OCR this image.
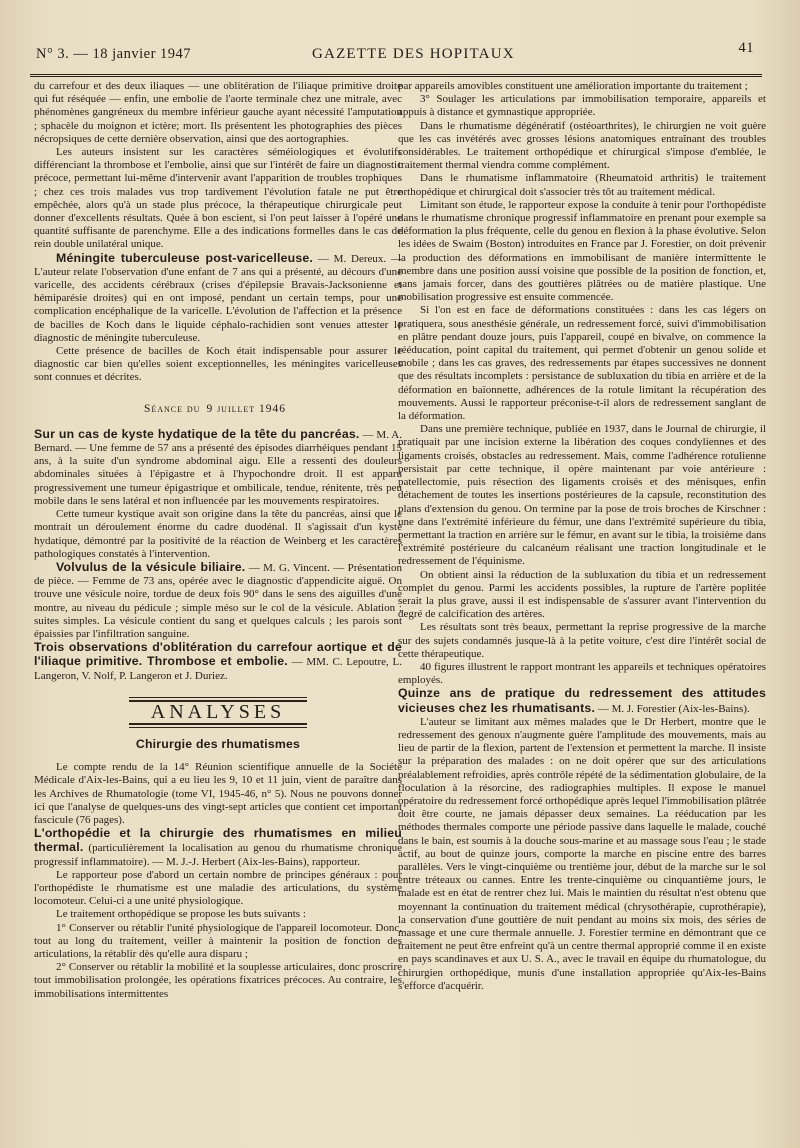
N° 3. — 18 janvier 1947	GAZETTE DES HOPITAUX	41

du carrefour et des deux iliaques — une oblitération de l'iliaque primitive droite qui fut réséquée — enfin, une embolie de l'aorte terminale chez une mitrale, avec phénomènes gangréneux du membre inférieur gauche ayant nécessité l'amputation ; sphacèle du moignon et ictère; mort. Ils présentent les photographies des pièces nécropsiques de cette dernière observation, ainsi que des aortographies.

Les auteurs insistent sur les caractères séméiologiques et évolutifs différenciant la thrombose et l'embolie, ainsi que sur l'intérêt de faire un diagnostic précoce, permettant lui-même d'intervenir avant l'apparition de troubles trophiques ; chez ces trois malades vus trop tardivement l'évolution fatale ne put être empêchée, alors qu'à un stade plus précoce, la thérapeutique chirurgicale peut donner d'excellents résultats. Quée à bon escient, si l'on peut laisser à l'opéré une quantité suffisante de parenchyme. Elle a des indications formelles dans le cas de rein double unilatéral unique.

Méningite tuberculeuse post-varicelleuse. — M. Dereux. — L'auteur relate l'observation d'une enfant de 7 ans qui a présenté, au décours d'une varicelle, des accidents cérébraux (crises d'épilepsie Bravais-Jacksonienne et hémiparésie droites) qui en ont imposé, pendant un certain temps, pour une complication encéphalique de la varicelle. L'évolution de l'affection et la présence de bacilles de Koch dans le liquide céphalo-rachidien sont venues attester le diagnostic de méningite tuberculeuse.

Cette présence de bacilles de Koch était indispensable pour assurer le diagnostic car bien qu'elles soient exceptionnelles, les méningites varicelleuses sont connues et décrites.

Séance du 9 juillet 1946

Sur un cas de kyste hydatique de la tête du pancréas. — M. A. Bernard. — Une femme de 57 ans a présenté des épisodes diarrhéiques pendant 15 ans, à la suite d'un syndrome abdominal aigu. Elle a ressenti des douleurs abdominales situées à l'épigastre et à l'hypochondre droit. Il est apparu progressivement une tumeur épigastrique et ombilicale, tendue, rénitente, très peu mobile dans le sens latéral et non influencée par les mouvements respiratoires.

Cette tumeur kystique avait son origine dans la tête du pancréas, ainsi que le montrait un déroulement énorme du cadre duodénal. Il s'agissait d'un kyste hydatique, démontré par la positivité de la réaction de Weinberg et les caractères pathologiques constatés à l'intervention.

Volvulus de la vésicule biliaire. — M. G. Vincent. — Présentation de pièce. — Femme de 73 ans, opérée avec le diagnostic d'appendicite aiguë. On trouve une vésicule noire, tordue de deux fois 90° dans le sens des aiguilles d'une montre, au niveau du pédicule ; simple méso sur le col de la vésicule. Ablation ; suites simples. La vésicule contient du sang et quelques calculs ; les parois sont épaissies par l'infiltration sanguine.

Trois observations d'oblitération du carrefour aortique et de l'iliaque primitive. Thrombose et embolie. — MM. C. Lepoutre, L. Langeron, V. Nolf, P. Langeron et J. Duriez.

ANALYSES
Chirurgie des rhumatismes

Le compte rendu de la 14° Réunion scientifique annuelle de la Société Médicale d'Aix-les-Bains, qui a eu lieu les 9, 10 et 11 juin, vient de paraître dans les Archives de Rhumatologie (tome VI, 1945-46, n° 5). Nous ne pouvons donner ici que l'analyse de quelques-uns des vingt-sept articles que contient cet important fascicule (76 pages).

L'orthopédie et la chirurgie des rhumatismes en milieu thermal. (particulièrement la localisation au genou du rhumatisme chronique progressif inflammatoire). — M. J.-J. Herbert (Aix-les-Bains), rapporteur.

Le rapporteur pose d'abord un certain nombre de principes généraux : pour l'orthopédiste le rhumatisme est une maladie des articulations, du système locomoteur. Celui-ci a une unité physiologique.

Le traitement orthopédique se propose les buts suivants :

1° Conserver ou rétablir l'unité physiologique de l'appareil locomoteur. Donc, tout au long du traitement, veiller à maintenir la position de fonction des articulations, la rétablir dès qu'elle aura disparu ;

2° Conserver ou rétablir la mobilité et la souplesse articulaires, donc proscrire tout immobilisation prolongée, les opérations fixatrices précoces. Au contraire, les immobilisations intermittentes

par appareils amovibles constituent une amélioration importante du traitement ;

3° Soulager les articulations par immobilisation temporaire, appareils et appuis à distance et gymnastique appropriée.

Dans le rhumatisme dégénératif (ostéoarthrites), le chirurgien ne voit guère que les cas invétérés avec grosses lésions anatomiques entraînant des troubles considérables. Le traitement orthopédique et chirurgical s'impose d'emblée, le traitement thermal viendra comme complément.

Dans le rhumatisme inflammatoire (Rheumatoid arthritis) le traitement orthopédique et chirurgical doit s'associer très tôt au traitement médical.

Limitant son étude, le rapporteur expose la conduite à tenir pour l'orthopédiste dans le rhumatisme chronique progressif inflammatoire en prenant pour exemple sa déformation la plus fréquente, celle du genou en flexion à la phase évolutive. Selon les idées de Swaim (Boston) introduites en France par J. Forestier, on doit prévenir la production des déformations en immobilisant de manière intermittente le membre dans une position aussi voisine que possible de la position de fonction, et, sans jamais forcer, dans des gouttières plâtrées ou de matière plastique. Une mobilisation progressive est ensuite commencée.

Si l'on est en face de déformations constituées : dans les cas légers on pratiquera, sous anesthésie générale, un redressement forcé, suivi d'immobilisation en plâtre pendant douze jours, puis l'appareil, coupé en bivalve, on commence la rééducation, point capital du traitement, qui permet d'obtenir un genou solide et mobile ; dans les cas graves, des redressements par étapes successives ne donnent que des résultats incomplets : persistance de subluxation du tibia en arrière et de la déformation en baïonnette, adhérences de la rotule limitant la récupération des mouvements. Aussi le rapporteur préconise-t-il alors de redressement sanglant de la déformation.

Dans une première technique, publiée en 1937, dans le Journal de chirurgie, il pratiquait par une incision externe la libération des coques condyliennes et des ligaments croisés, obstacles au redressement. Mais, comme l'adhérence rotulienne persistait par cette technique, il opère maintenant par voie antérieure : patellectomie, puis résection des ligaments croisés et des ménisques, enfin détachement de toutes les insertions postérieures de la capsule, reconstitution des plans d'extension du genou. On termine par la pose de trois broches de Kirschner : une dans l'extrémité inférieure du fémur, une dans l'extrémité supérieure du tibia, permettant la traction en arrière sur le fémur, en avant sur le tibia, la troisième dans l'extrémité postérieure du calcanéum réalisant une traction longitudinale et le redressement de l'équinisme.

On obtient ainsi la réduction de la subluxation du tibia et un redressement complet du genou. Parmi les accidents possibles, la rupture de l'artère poplitée serait la plus grave, aussi il est indispensable de s'assurer avant l'intervention du degré de calcification des artères.

Les résultats sont très beaux, permettant la reprise progressive de la marche sur des sujets condamnés jusque-là à la petite voiture, c'est dire l'intérêt social de cette thérapeutique.

40 figures illustrent le rapport montrant les appareils et techniques opératoires employés.

Quinze ans de pratique du redressement des attitudes vicieuses chez les rhumatisants. — M. J. Forestier (Aix-les-Bains).

L'auteur se limitant aux mêmes malades que le Dr Herbert, montre que le redressement des genoux n'augmente guère l'amplitude des mouvements, mais au lieu de partir de la flexion, partent de l'extension et permettent la marche. Il insiste sur la préparation des malades : on ne doit opérer que sur des articulations préalablement refroidies, après contrôle répété de la sédimentation globulaire, de la floculation à la résorcine, des radiographies multiples. Il expose le manuel opératoire du redressement forcé orthopédique après lequel l'immobilisation plâtrée doit être courte, ne jamais dépasser deux semaines. La rééducation par les méthodes thermales comporte une période passive dans laquelle le malade, couché dans le bain, est soumis à la douche sous-marine et au massage sous l'eau ; le stade actif, au bout de quinze jours, comporte la marche en piscine entre des barres parallèles. Vers le vingt-cinquième ou trentième jour, début de la marche sur le sol entre tréteaux ou cannes. Entre les trente-cinquième ou cinquantième jours, le malade est en état de rentrer chez lui. Mais le maintien du résultat n'est obtenu que moyennant la continuation du traitement médical (chrysothérapie, cuprothérapie), la conservation d'une gouttière de nuit pendant au moins six mois, des séries de massage et une cure thermale annuelle. J. Forestier termine en démontrant que ce traitement ne peut être enfreint qu'à un centre thermal approprié comme il en existe en pays scandinaves et aux U. S. A., avec le travail en équipe du rhumatologue, du chirurgien orthopédique, munis d'une installation appropriée qu'Aix-les-Bains s'efforce d'acquérir.
